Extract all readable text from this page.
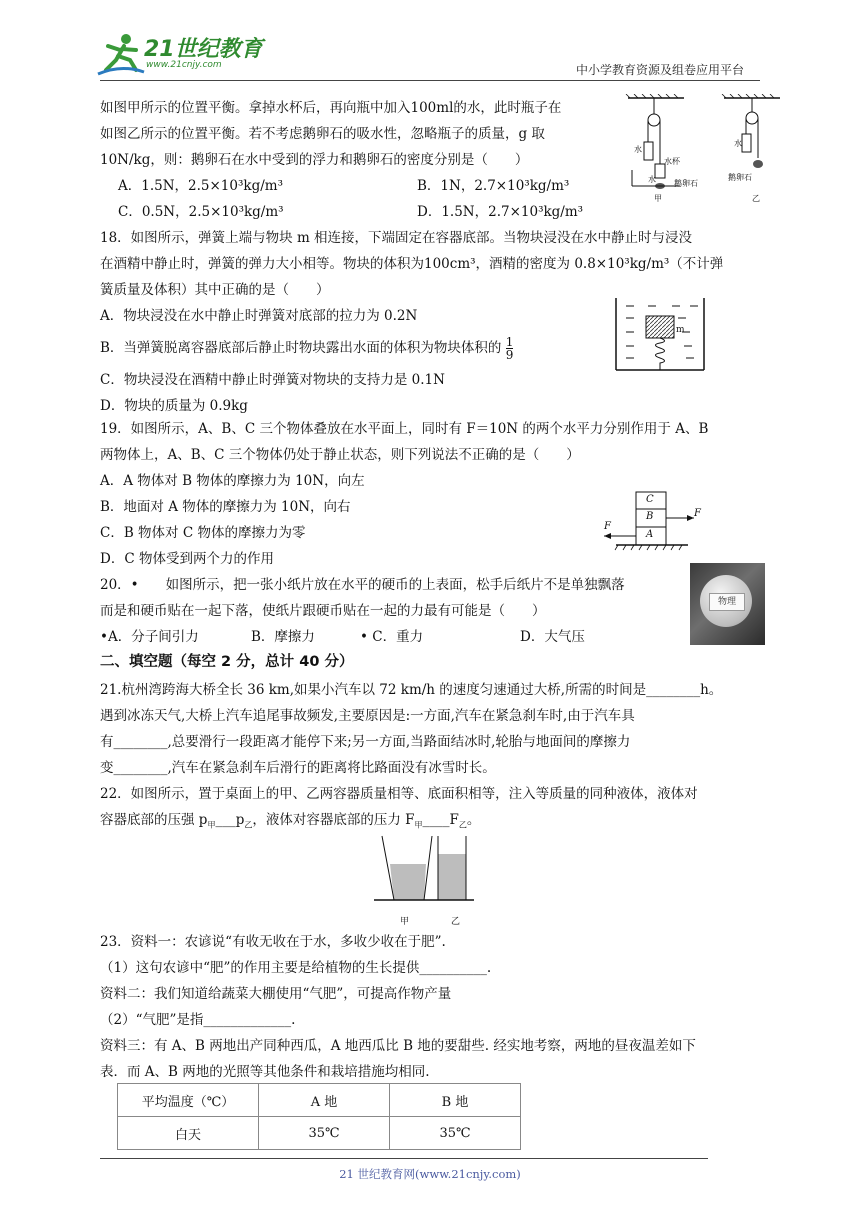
21世纪教育
www.21cnjy.com	中小学教育资源及组卷应用平台
如图甲所示的位置平衡。拿掉水杯后，再向瓶中加入100ml的水，此时瓶子在
如图乙所示的位置平衡。若不考虑鹅卵石的吸水性，忽略瓶子的质量，g 取
10N/kg，则：鹅卵石在水中受到的浮力和鹅卵石的密度分别是（　　）
A．1.5N，2.5×10³kg/m³	B．1N，2.7×10³kg/m³
C．0.5N，2.5×10³kg/m³	D．1.5N，2.7×10³kg/m³
水
水杯
水 鹅卵石
甲
水
鹅卵石
乙
18．如图所示，弹簧上端与物块 m 相连接，下端固定在容器底部。当物块浸没在水中静止时与浸没
在酒精中静止时，弹簧的弹力大小相等。物块的体积为100cm³，酒精的密度为 0.8×10³kg/m³（不计弹
簧质量及体积）其中正确的是（　　）
A．物块浸没在水中静止时弹簧对底部的拉力为 0.2N
B．当弹簧脱离容器底部后静止时物块露出水面的体积为物块体积的 $\frac{1}{9}$
C．物块浸没在酒精中静止时弹簧对物块的支持力是 0.1N
D．物块的质量为 0.9kg
m
19．如图所示，A、B、C 三个物体叠放在水平面上，同时有 F＝10N 的两个水平力分别作用于 A、B
两物体上，A、B、C 三个物体仍处于静止状态，则下列说法不正确的是（　　）
A．A 物体对 B 物体的摩擦力为 10N，向左
B．地面对 A 物体的摩擦力为 10N，向右
C．B 物体对 C 物体的摩擦力为零
D．C 物体受到两个力的作用
C
B
A
F
F
20．•　　如图所示，把一张小纸片放在水平的硬币的上表面，松手后纸片不是单独飘落
而是和硬币贴在一起下落，使纸片跟硬币贴在一起的力最有可能是（　　）
•A．分子间引力	B．摩擦力	• C．重力	D．大气压
物理
二、填空题（每空 2 分，总计 40 分）
21.杭州湾跨海大桥全长 36 km,如果小汽车以 72 km/h 的速度匀速通过大桥,所需的时间是________h。
遇到冰冻天气,大桥上汽车追尾事故频发,主要原因是:一方面,汽车在紧急刹车时,由于汽车具
有________,总要滑行一段距离才能停下来;另一方面,当路面结冰时,轮胎与地面间的摩擦力
变________,汽车在紧急刹车后滑行的距离将比路面没有冰雪时长。
22．如图所示，置于桌面上的甲、乙两容器质量相等、底面积相等，注入等质量的同种液体，液体对
容器底部的压强 $p_甲\_\_\_p_乙$，液体对容器底部的压力 $F_甲\_\_\_\_F_乙$。
甲	乙
23．资料一：农谚说“有收无收在于水，多收少收在于肥”.
（1）这句农谚中“肥”的作用主要是给植物的生长提供__________.
资料二：我们知道给蔬菜大棚使用“气肥”，可提高作物产量
（2）“气肥”是指_____________.
资料三：有 A、B 两地出产同种西瓜，A 地西瓜比 B 地的要甜些. 经实地考察，两地的昼夜温差如下
表．而 A、B 两地的光照等其他条件和栽培措施均相同.
平均温度（℃）	A 地	B 地
白天	35℃	35℃
21 世纪教育网(www.21cnjy.com)
